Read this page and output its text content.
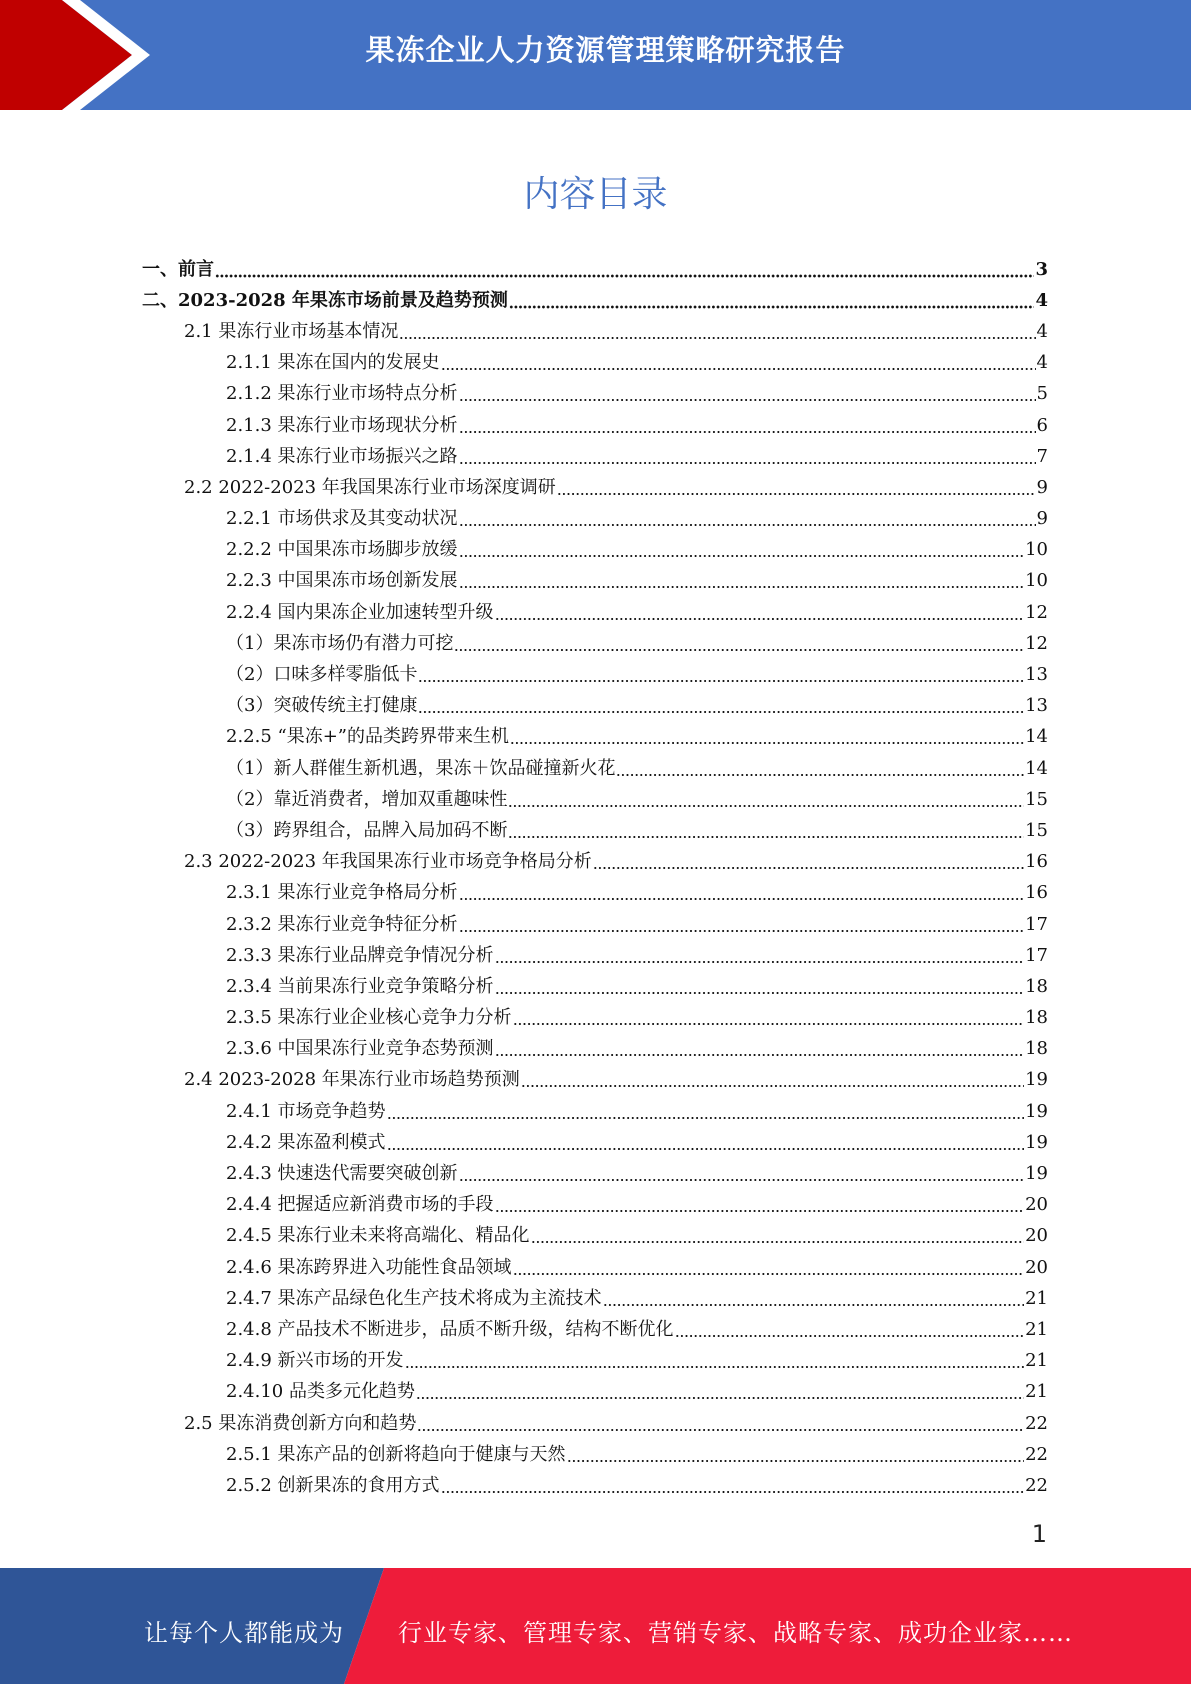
果冻企业人力资源管理策略研究报告
内容目录
一、前言	3
二、2023-2028 年果冻市场前景及趋势预测	4
2.1 果冻行业市场基本情况	4
2.1.1 果冻在国内的发展史	4
2.1.2 果冻行业市场特点分析	5
2.1.3 果冻行业市场现状分析	6
2.1.4 果冻行业市场振兴之路	7
2.2 2022-2023 年我国果冻行业市场深度调研	9
2.2.1 市场供求及其变动状况	9
2.2.2 中国果冻市场脚步放缓	10
2.2.3 中国果冻市场创新发展	10
2.2.4 国内果冻企业加速转型升级	12
（1）果冻市场仍有潜力可挖	12
（2）口味多样零脂低卡	13
（3）突破传统主打健康	13
2.2.5 “果冻+”的品类跨界带来生机	14
（1）新人群催生新机遇，果冻＋饮品碰撞新火花	14
（2）靠近消费者，增加双重趣味性	15
（3）跨界组合，品牌入局加码不断	15
2.3 2022-2023 年我国果冻行业市场竞争格局分析	16
2.3.1 果冻行业竞争格局分析	16
2.3.2 果冻行业竞争特征分析	17
2.3.3 果冻行业品牌竞争情况分析	17
2.3.4 当前果冻行业竞争策略分析	18
2.3.5 果冻行业企业核心竞争力分析	18
2.3.6 中国果冻行业竞争态势预测	18
2.4 2023-2028 年果冻行业市场趋势预测	19
2.4.1 市场竞争趋势	19
2.4.2 果冻盈利模式	19
2.4.3 快速迭代需要突破创新	19
2.4.4 把握适应新消费市场的手段	20
2.4.5 果冻行业未来将高端化、精品化	20
2.4.6 果冻跨界进入功能性食品领域	20
2.4.7 果冻产品绿色化生产技术将成为主流技术	21
2.4.8 产品技术不断进步，品质不断升级，结构不断优化	21
2.4.9 新兴市场的开发	21
2.4.10 品类多元化趋势	21
2.5 果冻消费创新方向和趋势	22
2.5.1 果冻产品的创新将趋向于健康与天然	22
2.5.2 创新果冻的食用方式	22
1
让每个人都能成为 行业专家、管理专家、营销专家、战略专家、成功企业家……
